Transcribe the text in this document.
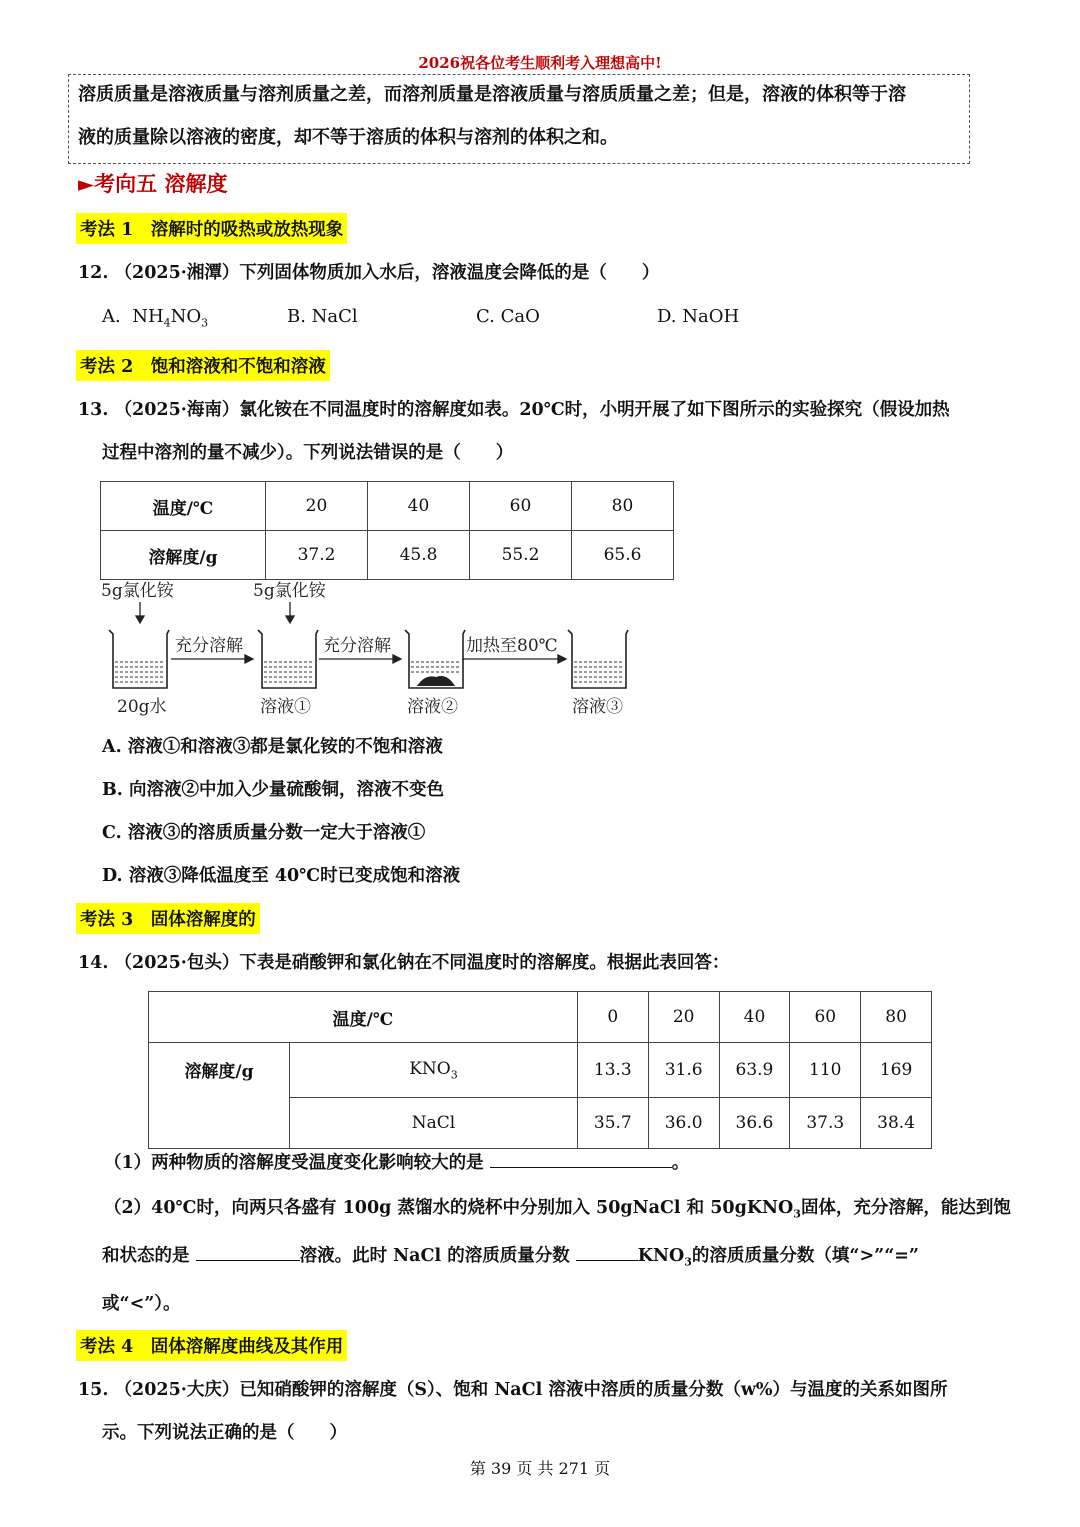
2026祝各位考生顺利考入理想高中!
溶质质量是溶液质量与溶剂质量之差，而溶剂质量是溶液质量与溶质质量之差；但是，溶液的体积等于溶
液的质量除以溶液的密度，却不等于溶质的体积与溶剂的体积之和。
►考向五 溶解度
考法 1　溶解时的吸热或放热现象
12. （2025·湘潭）下列固体物质加入水后，溶液温度会降低的是（　　）
A. $NH_4NO_3$	B. NaCl	C. CaO	D. NaOH
考法 2　饱和溶液和不饱和溶液
13. （2025·海南）氯化铵在不同温度时的溶解度如表。20℃时，小明开展了如下图所示的实验探究（假设加热
过程中溶剂的量不减少）。下列说法错误的是（　　）
温度/℃	20	40	60	80
溶解度/g	37.2	45.8	55.2	65.6
5g氯化铵	5g氯化铵
充分溶解	充分溶解	加热至80℃
20g水	溶液①	溶液②	溶液③
A. 溶液①和溶液③都是氯化铵的不饱和溶液
B. 向溶液②中加入少量硫酸铜，溶液不变色
C. 溶液③的溶质质量分数一定大于溶液①
D. 溶液③降低温度至 40℃时已变成饱和溶液
考法 3　固体溶解度的
14. （2025·包头）下表是硝酸钾和氯化钠在不同温度时的溶解度。根据此表回答：
温度/℃		0	20	40	60	80
溶解度/g	$KNO_3$	13.3	31.6	63.9	110	169
	NaCl	35.7	36.0	36.6	37.3	38.4
（1）两种物质的溶解度受温度变化影响较大的是	。
（2）40℃时，向两只各盛有 100g 蒸馏水的烧杯中分别加入 50gNaCl 和 50gKNO$_3$固体，充分溶解，能达到饱
和状态的是	溶液。此时 NaCl 的溶质质量分数	$KNO_3$的溶质质量分数（填“>”“=”
或“<”）。
考法 4　固体溶解度曲线及其作用
15. （2025·大庆）已知硝酸钾的溶解度（S）、饱和 NaCl 溶液中溶质的质量分数（w%）与温度的关系如图所
示。下列说法正确的是（　　）
第 39 页 共 271 页
